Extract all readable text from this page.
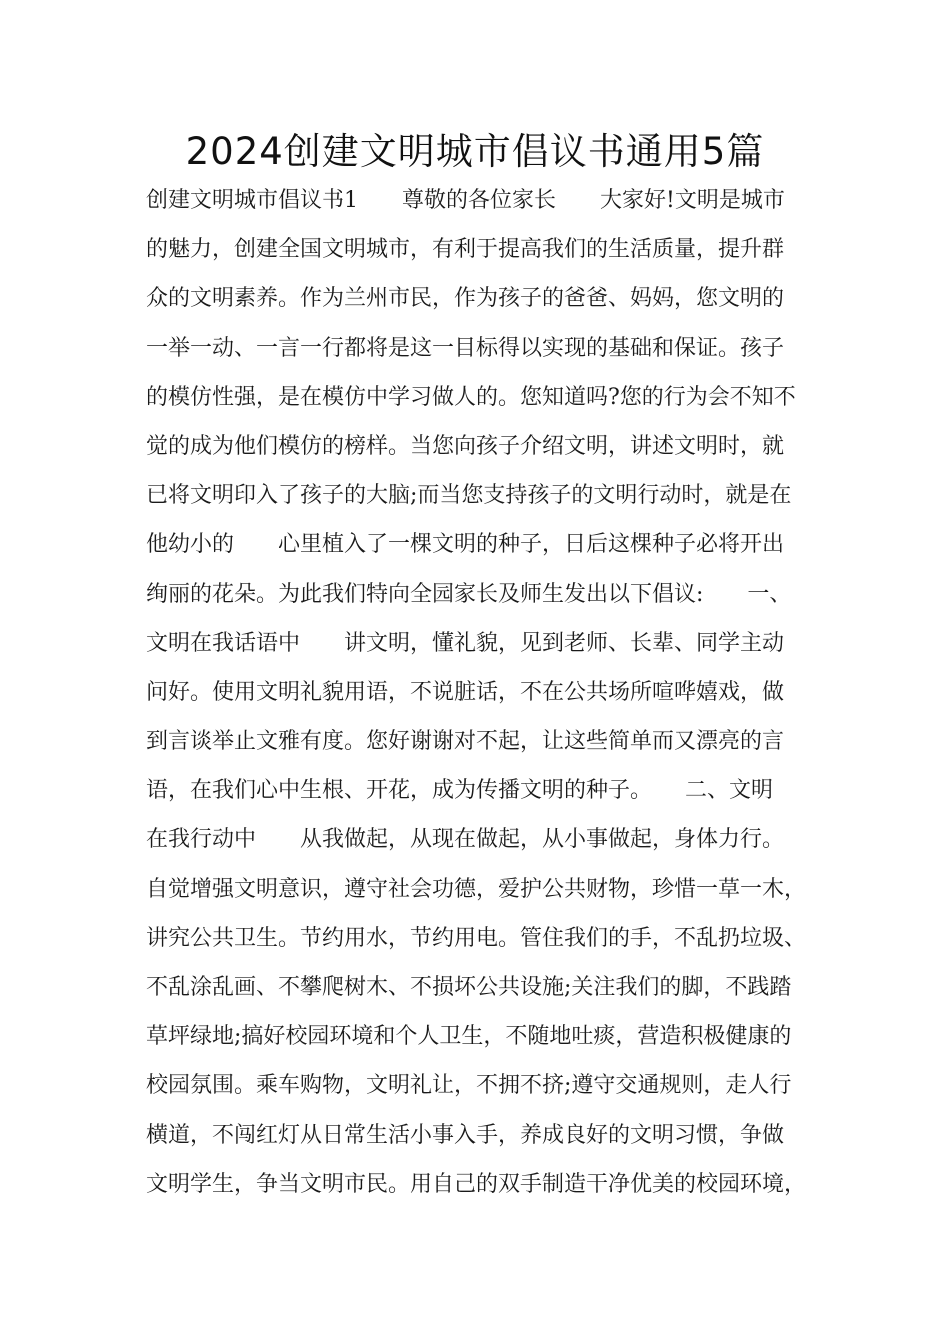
2024创建文明城市倡议书通用5篇
创建文明城市倡议书1　　尊敬的各位家长　　大家好!文明是城市
的魅力，创建全国文明城市，有利于提高我们的生活质量，提升群
众的文明素养。作为兰州市民，作为孩子的爸爸、妈妈，您文明的
一举一动、一言一行都将是这一目标得以实现的基础和保证。孩子
的模仿性强，是在模仿中学习做人的。您知道吗?您的行为会不知不
觉的成为他们模仿的榜样。当您向孩子介绍文明，讲述文明时，就
已将文明印入了孩子的大脑;而当您支持孩子的文明行动时，就是在
他幼小的　　心里植入了一棵文明的种子，日后这棵种子必将开出
绚丽的花朵。为此我们特向全园家长及师生发出以下倡议:　　一、
文明在我话语中　　讲文明，懂礼貌，见到老师、长辈、同学主动
问好。使用文明礼貌用语，不说脏话，不在公共场所喧哗嬉戏，做
到言谈举止文雅有度。您好谢谢对不起，让这些简单而又漂亮的言
语，在我们心中生根、开花，成为传播文明的种子。　　二、文明
在我行动中　　从我做起，从现在做起，从小事做起，身体力行。
自觉增强文明意识，遵守社会功德，爱护公共财物，珍惜一草一木，
讲究公共卫生。节约用水，节约用电。管住我们的手，不乱扔垃圾、
不乱涂乱画、不攀爬树木、不损坏公共设施;关注我们的脚，不践踏
草坪绿地;搞好校园环境和个人卫生，不随地吐痰，营造积极健康的
校园氛围。乘车购物，文明礼让，不拥不挤;遵守交通规则，走人行
横道，不闯红灯从日常生活小事入手，养成良好的文明习惯，争做
文明学生，争当文明市民。用自己的双手制造干净优美的校园环境，
